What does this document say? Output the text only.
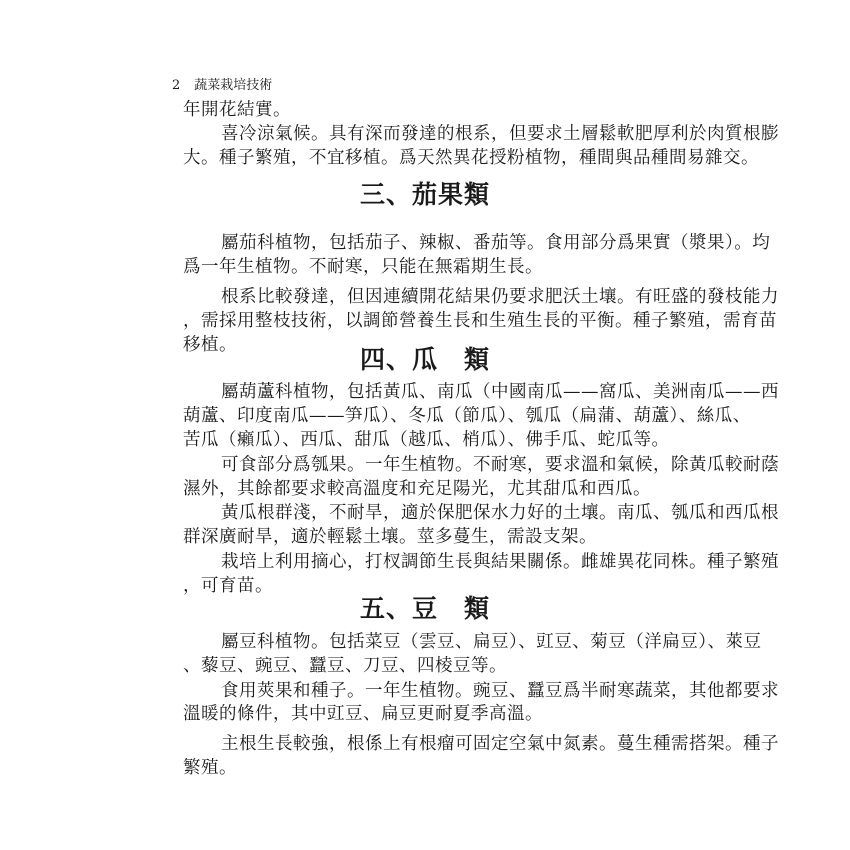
2 蔬菜栽培技術
年開花結實。
喜冷涼氣候。具有深而發達的根系，但要求土層鬆軟肥厚利於肉質根膨
大。種子繁殖，不宜移植。爲天然異花授粉植物，種間與品種間易雜交。
三、茄果類
屬茄科植物，包括茄子、辣椒、番茄等。食用部分爲果實（漿果）。均
爲一年生植物。不耐寒，只能在無霜期生長。
根系比較發達，但因連續開花結果仍要求肥沃土壤。有旺盛的發枝能力
，需採用整枝技術，以調節營養生長和生殖生長的平衡。種子繁殖，需育苗
移植。	四、瓜　類
屬葫蘆科植物，包括黃瓜、南瓜（中國南瓜——窩瓜、美洲南瓜——西
葫蘆、印度南瓜——笋瓜）、冬瓜（節瓜）、瓠瓜（扁蒲、葫蘆）、絲瓜、
苦瓜（癩瓜）、西瓜、甜瓜（越瓜、梢瓜）、佛手瓜、蛇瓜等。
可食部分爲瓠果。一年生植物。不耐寒，要求溫和氣候，除黃瓜較耐蔭
濕外，其餘都要求較高溫度和充足陽光，尤其甜瓜和西瓜。
黃瓜根群淺，不耐旱，適於保肥保水力好的土壤。南瓜、瓠瓜和西瓜根
群深廣耐旱，適於輕鬆土壤。莖多蔓生，需設支架。
栽培上利用摘心，打杈調節生長與結果關係。雌雄異花同株。種子繁殖
，可育苗。
五、豆　類
屬豆科植物。包括菜豆（雲豆、扁豆）、豇豆、菊豆（洋扁豆）、萊豆
、藜豆、豌豆、蠶豆、刀豆、四棱豆等。
食用莢果和種子。一年生植物。豌豆、蠶豆爲半耐寒蔬菜，其他都要求
溫暖的條件，其中豇豆、扁豆更耐夏季高溫。
主根生長較強，根係上有根瘤可固定空氣中氮素。蔓生種需搭架。種子
繁殖。
